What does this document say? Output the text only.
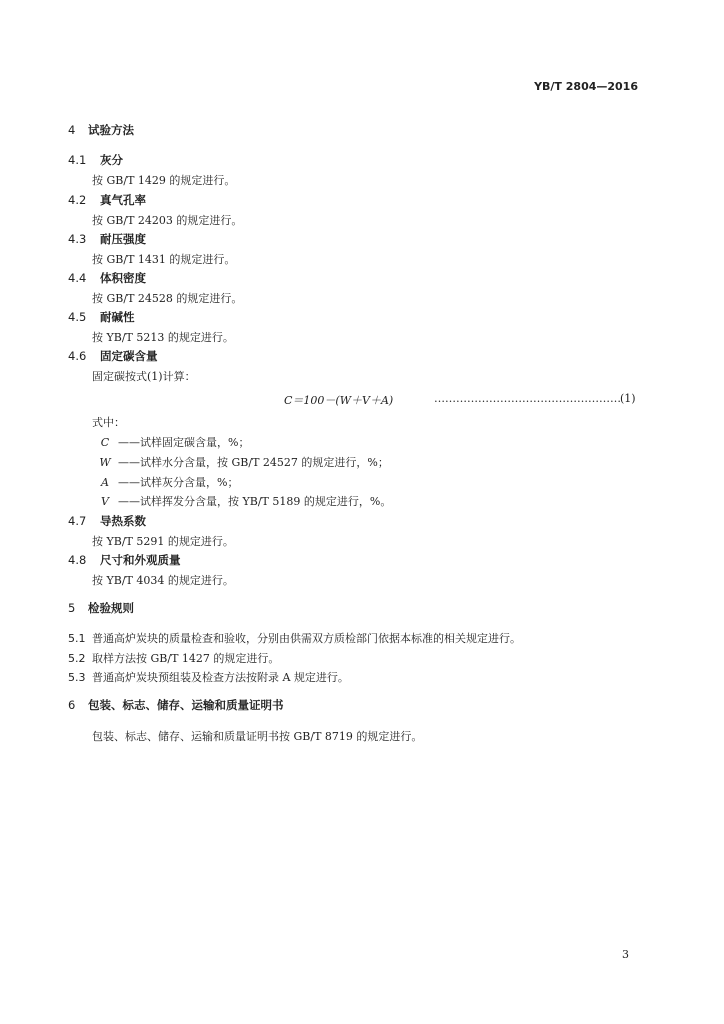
YB/T 2804—2016
4 试验方法
4.1 灰分
按 GB/T 1429 的规定进行。
4.2 真气孔率
按 GB/T 24203 的规定进行。
4.3 耐压强度
按 GB/T 1431 的规定进行。
4.4 体积密度
按 GB/T 24528 的规定进行。
4.5 耐碱性
按 YB/T 5213 的规定进行。
4.6 固定碳含量
固定碳按式(1)计算：
C＝100－(W＋V＋A)	…………………………………………… (1)
式中：
C ——试样固定碳含量，%；
W ——试样水分含量，按 GB/T 24527 的规定进行，%；
A ——试样灰分含量，%；
V ——试样挥发分含量，按 YB/T 5189 的规定进行，%。
4.7 导热系数
按 YB/T 5291 的规定进行。
4.8 尺寸和外观质量
按 YB/T 4034 的规定进行。
5 检验规则
5.1 普通高炉炭块的质量检查和验收，分别由供需双方质检部门依据本标准的相关规定进行。
5.2 取样方法按 GB/T 1427 的规定进行。
5.3 普通高炉炭块预组装及检查方法按附录 A 规定进行。
6 包装、标志、储存、运输和质量证明书
包装、标志、储存、运输和质量证明书按 GB/T 8719 的规定进行。
3
